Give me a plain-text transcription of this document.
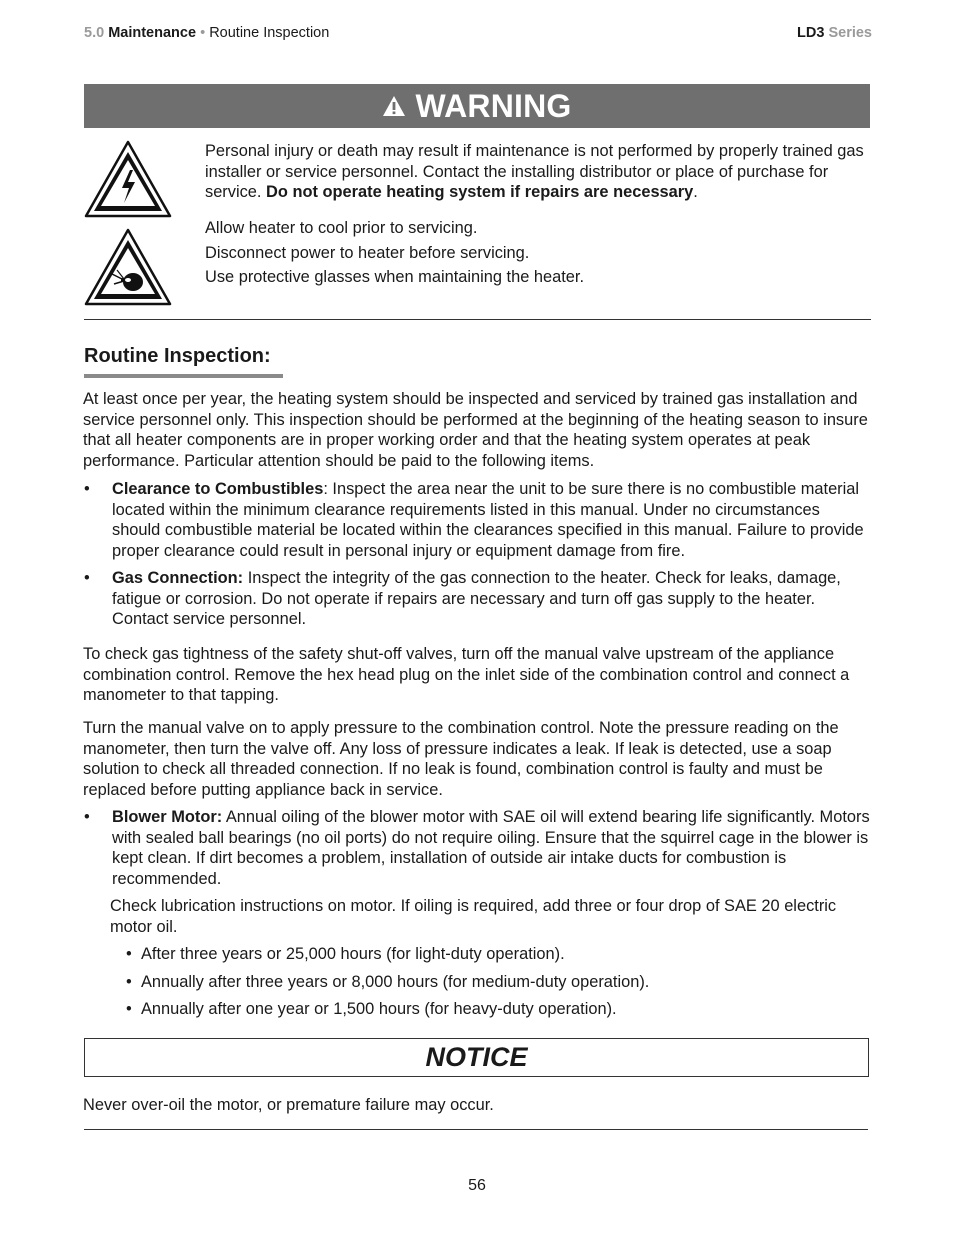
5.0 Maintenance • Routine Inspection	LD3 Series
WARNING
Personal injury or death may result if maintenance is not performed by properly trained gas installer or service personnel. Contact the installing distributor or place of purchase for service. Do not operate heating system if repairs are necessary.
Allow heater to cool prior to servicing.
Disconnect power to heater before servicing.
Use protective glasses when maintaining the heater.
Routine Inspection:
At least once per year, the heating system should be inspected and serviced by trained gas installation and service personnel only. This inspection should be performed at the beginning of the heating season to insure that all heater components are in proper working order and that the heating system operates at peak performance. Particular attention should be paid to the following items.
• Clearance to Combustibles: Inspect the area near the unit to be sure there is no combustible material located within the minimum clearance requirements listed in this manual. Under no circumstances should combustible material be located within the clearances specified in this manual. Failure to provide proper clearance could result in personal injury or equipment damage from fire.
• Gas Connection: Inspect the integrity of the gas connection to the heater. Check for leaks, damage, fatigue or corrosion. Do not operate if repairs are necessary and turn off gas supply to the heater. Contact service personnel.
To check gas tightness of the safety shut-off valves, turn off the manual valve upstream of the appliance combination control. Remove the hex head plug on the inlet side of the combination control and connect a manometer to that tapping.
Turn the manual valve on to apply pressure to the combination control. Note the pressure reading on the manometer, then turn the valve off. Any loss of pressure indicates a leak. If leak is detected, use a soap solution to check all threaded connection. If no leak is found, combination control is faulty and must be replaced before putting appliance back in service.
• Blower Motor: Annual oiling of the blower motor with SAE oil will extend bearing life significantly. Motors with sealed ball bearings (no oil ports) do not require oiling. Ensure that the squirrel cage in the blower is kept clean. If dirt becomes a problem, installation of outside air intake ducts for combustion is recommended.
Check lubrication instructions on motor. If oiling is required, add three or four drop of SAE 20 electric motor oil.
• After three years or 25,000 hours (for light-duty operation).
• Annually after three years or 8,000 hours (for medium-duty operation).
• Annually after one year or 1,500 hours (for heavy-duty operation).
NOTICE
Never over-oil the motor, or premature failure may occur.
56
